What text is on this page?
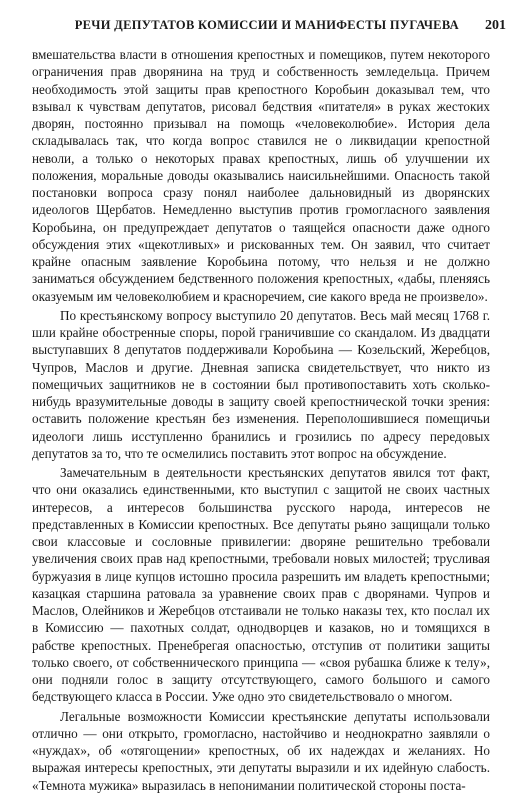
РЕЧИ ДЕПУТАТОВ КОМИССИИ И МАНИФЕСТЫ ПУГАЧЕВА 201

вмешательства власти в отношения крепостных и помещиков, путем некоторого ограничения прав дворянина на труд и собственность земледельца. Причем необходимость этой защиты прав крепостного Коробьин доказывал тем, что взывал к чувствам депутатов, рисовал бедствия «питателя» в руках жестоких дворян, постоянно призывал на помощь «человеколюбие». История дела складывалась так, что когда вопрос ставился не о ликвидации крепостной неволи, а только о некоторых правах крепостных, лишь об улучшении их положения, моральные доводы оказывались наисильнейшими. Опасность такой постановки вопроса сразу понял наиболее дальновидный из дворянских идеологов Щербатов. Немедленно выступив против громогласного заявления Коробьина, он предупреждает депутатов о таящейся опасности даже одного обсуждения этих «щекотливых» и рискованных тем. Он заявил, что считает крайне опасным заявление Коробьина потому, что нельзя и не должно заниматься обсуждением бедственного положения крепостных, «дабы, пленяясь оказуемым им человеколюбием и красноречием, сие какого вреда не произвело».

По крестьянскому вопросу выступило 20 депутатов. Весь май месяц 1768 г. шли крайне обостренные споры, порой граничившие со скандалом. Из двадцати выступавших 8 депутатов поддерживали Коробьина — Козельский, Жеребцов, Чупров, Маслов и другие. Дневная записка свидетельствует, что никто из помещичьих защитников не в состоянии был противопоставить хоть сколько-нибудь вразумительные доводы в защиту своей крепостнической точки зрения: оставить положение крестьян без изменения. Переполошившиеся помещичьи идеологи лишь исступленно бранились и грозились по адресу передовых депутатов за то, что те осмелились поставить этот вопрос на обсуждение.

Замечательным в деятельности крестьянских депутатов явился тот факт, что они оказались единственными, кто выступил с защитой не своих частных интересов, а интересов большинства русского народа, интересов не представленных в Комиссии крепостных. Все депутаты рьяно защищали только свои классовые и сословные привилегии: дворяне решительно требовали увеличения своих прав над крепостными, требовали новых милостей; трусливая буржуазия в лице купцов истошно просила разрешить им владеть крепостными; казацкая старшина ратовала за уравнение своих прав с дворянами. Чупров и Маслов, Олейников и Жеребцов отстаивали не только наказы тех, кто послал их в Комиссию — пахотных солдат, однодворцев и казаков, но и томящихся в рабстве крепостных. Пренебрегая опасностью, отступив от политики защиты только своего, от собственнического принципа — «своя рубашка ближе к телу», они подняли голос в защиту отсутствующего, самого большого и самого бедствующего класса в России. Уже одно это свидетельствовало о многом.

Легальные возможности Комиссии крестьянские депутаты использовали отлично — они открыто, громогласно, настойчиво и неоднократно заявляли о «нуждах», об «отягощении» крепостных, об их надеждах и желаниях. Но выражая интересы крепостных, эти депутаты выразили и их идейную слабость. «Темнота мужика» выразилась в непонимании политической стороны поста-
